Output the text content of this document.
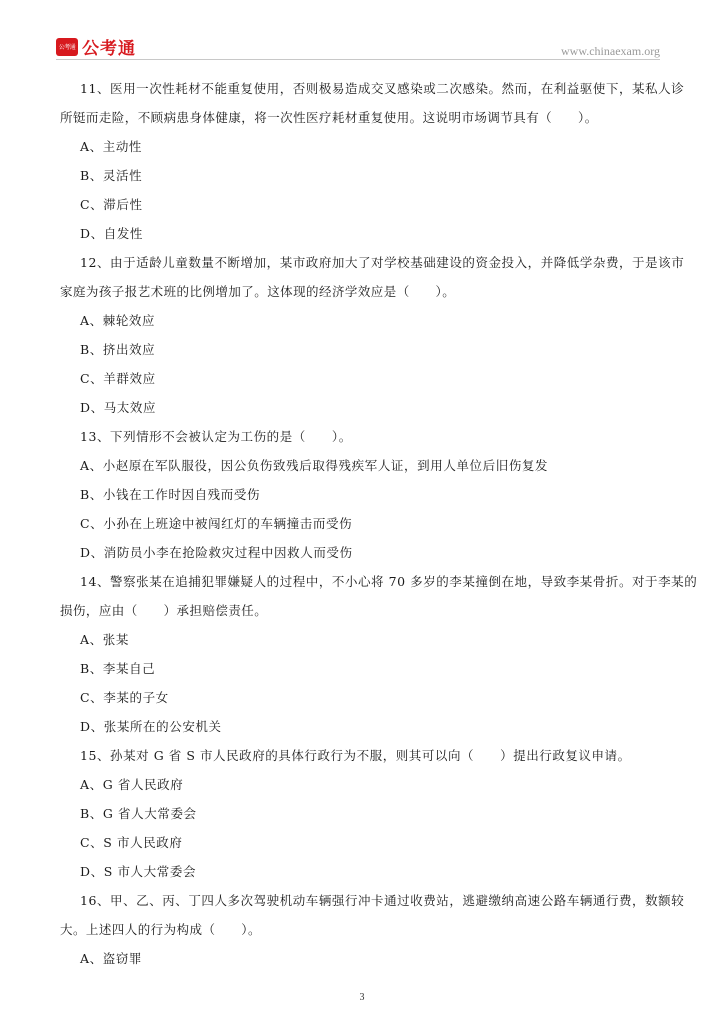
公考通 公考通	www.chinaexam.org
11、医用一次性耗材不能重复使用，否则极易造成交叉感染或二次感染。然而，在利益驱使下，某私人诊
所铤而走险，不顾病患身体健康，将一次性医疗耗材重复使用。这说明市场调节具有（　　）。
A、主动性
B、灵活性
C、滞后性
D、自发性
12、由于适龄儿童数量不断增加，某市政府加大了对学校基础建设的资金投入，并降低学杂费，于是该市
家庭为孩子报艺术班的比例增加了。这体现的经济学效应是（　　）。
A、棘轮效应
B、挤出效应
C、羊群效应
D、马太效应
13、下列情形不会被认定为工伤的是（　　）。
A、小赵原在军队服役，因公负伤致残后取得残疾军人证，到用人单位后旧伤复发
B、小钱在工作时因自残而受伤
C、小孙在上班途中被闯红灯的车辆撞击而受伤
D、消防员小李在抢险救灾过程中因救人而受伤
14、警察张某在追捕犯罪嫌疑人的过程中，不小心将 70 多岁的李某撞倒在地，导致李某骨折。对于李某的
损伤，应由（　　）承担赔偿责任。
A、张某
B、李某自己
C、李某的子女
D、张某所在的公安机关
15、孙某对 G 省 S 市人民政府的具体行政行为不服，则其可以向（　　）提出行政复议申请。
A、G 省人民政府
B、G 省人大常委会
C、S 市人民政府
D、S 市人大常委会
16、甲、乙、丙、丁四人多次驾驶机动车辆强行冲卡通过收费站，逃避缴纳高速公路车辆通行费，数额较
大。上述四人的行为构成（　　）。
A、盗窃罪
3
